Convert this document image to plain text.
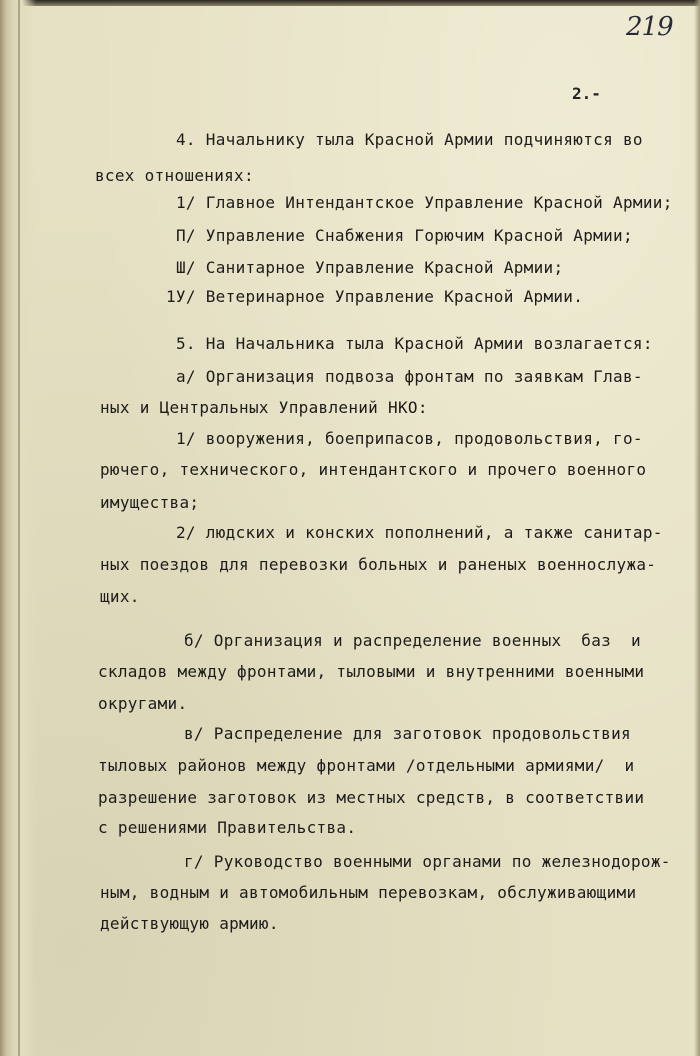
219
2.-
4. Начальнику тыла Красной Армии подчиняются во
всех отношениях:
1/ Главное Интендантское Управление Красной Армии;
П/ Управление Снабжения Горючим Красной Армии;
Ш/ Санитарное Управление Красной Армии;
1У/ Ветеринарное Управление Красной Армии.
5. На Начальника тыла Красной Армии возлагается:
а/ Организация подвоза фронтам по заявкам Глав-
ных и Центральных Управлений НКО:
1/ вооружения, боеприпасов, продовольствия, го-
рючего, технического, интендантского и прочего военного
имущества;
2/ людских и конских пополнений, а также санитар-
ных поездов для перевозки больных и раненых военнослужа-
щих.
б/ Организация и распределение военных  баз  и
складов между фронтами, тыловыми и внутренними военными
округами.
в/ Распределение для заготовок продовольствия
тыловых районов между фронтами /отдельными армиями/  и
разрешение заготовок из местных средств, в соответствии
с решениями Правительства.
г/ Руководство военными органами по железнодорож-
ным, водным и автомобильным перевозкам, обслуживающими
действующую армию.
